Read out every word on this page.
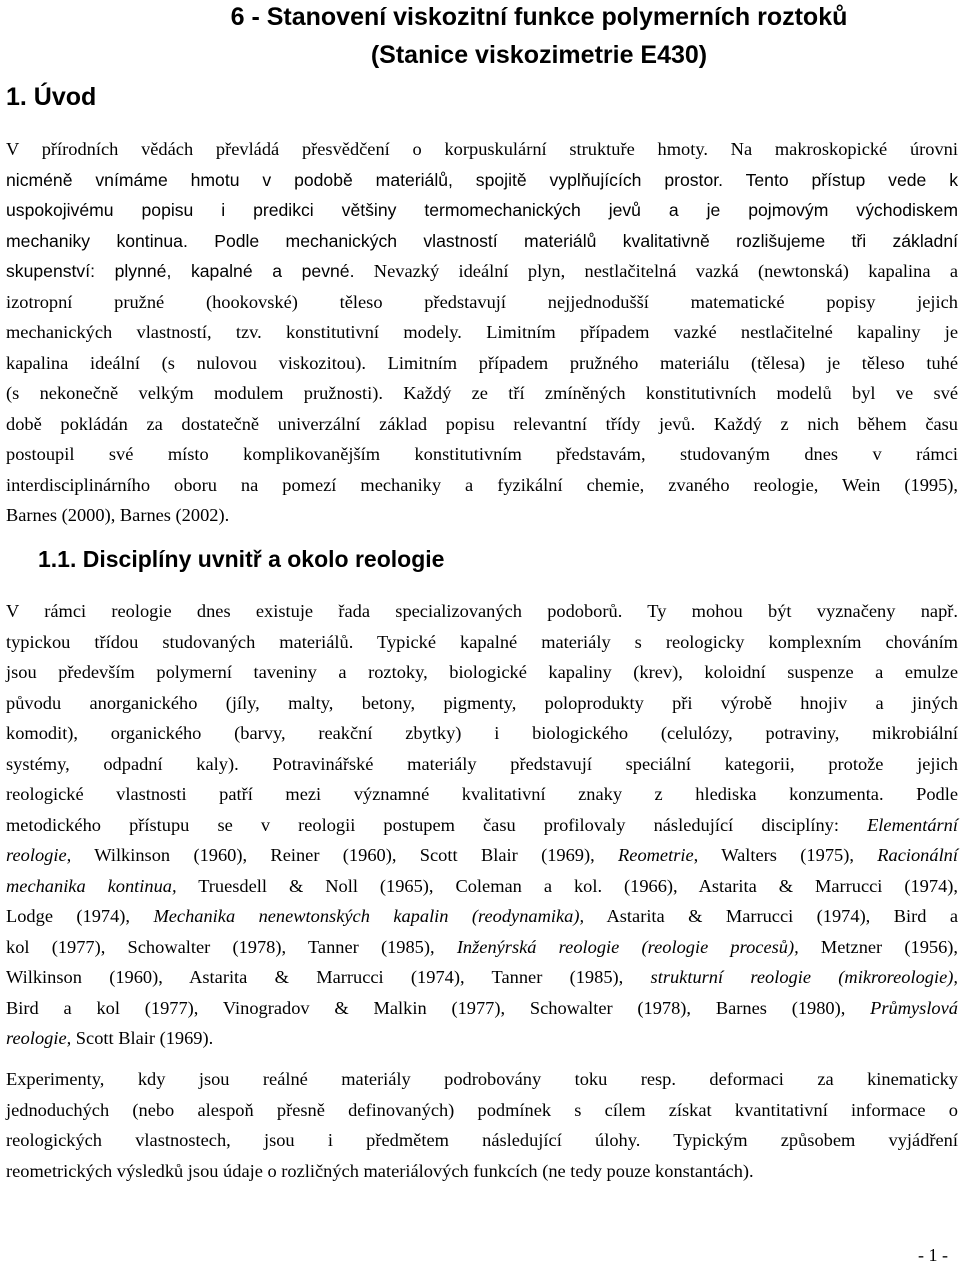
6 - Stanovení viskozitní funkce polymerních roztoků
(Stanice viskozimetrie E430)
1. Úvod

V přírodních vědách převládá přesvědčení o korpuskulární struktuře hmoty. Na makroskopické úrovni
nicméně vnímáme hmotu v podobě materiálů, spojitě vyplňujících prostor. Tento přístup vede k
uspokojivému popisu i predikci většiny termomechanických jevů a je pojmovým východiskem
mechaniky kontinua. Podle mechanických vlastností materiálů kvalitativně rozlišujeme tři základní
skupenství: plynné, kapalné a pevné. Nevazký ideální plyn, nestlačitelná vazká (newtonská) kapalina a
izotropní pružné (hookovské) těleso představují nejjednodušší matematické popisy jejich
mechanických vlastností, tzv. konstitutivní modely. Limitním případem vazké nestlačitelné kapaliny je
kapalina ideální (s nulovou viskozitou). Limitním případem pružného materiálu (tělesa) je těleso tuhé
(s nekonečně velkým modulem pružnosti). Každý ze tří zmíněných konstitutivních modelů byl ve své
době pokládán za dostatečně univerzální základ popisu relevantní třídy jevů. Každý z nich během času
postoupil své místo komplikovanějším konstitutivním představám, studovaným dnes v rámci
interdisciplinárního oboru na pomezí mechaniky a fyzikální chemie, zvaného reologie, Wein (1995),
Barnes (2000), Barnes (2002).

1.1. Disciplíny uvnitř a okolo reologie

V rámci reologie dnes existuje řada specializovaných podoborů. Ty mohou být vyznačeny např.
typickou třídou studovaných materiálů. Typické kapalné materiály s reologicky komplexním chováním
jsou především polymerní taveniny a roztoky, biologické kapaliny (krev), koloidní suspenze a emulze
původu anorganického (jíly, malty, betony, pigmenty, poloprodukty při výrobě hnojiv a jiných
komodit), organického (barvy, reakční zbytky) i biologického (celulózy, potraviny, mikrobiální
systémy, odpadní kaly). Potravinářské materiály představují speciální kategorii, protože jejich
reologické vlastnosti patří mezi významné kvalitativní znaky z hlediska konzumenta. Podle
metodického přístupu se v reologii postupem času profilovaly následující disciplíny: Elementární
reologie, Wilkinson (1960), Reiner (1960), Scott Blair (1969), Reometrie, Walters (1975), Racionální
mechanika kontinua, Truesdell & Noll (1965), Coleman a kol. (1966), Astarita & Marrucci (1974),
Lodge (1974), Mechanika nenewtonských kapalin (reodynamika), Astarita & Marrucci (1974), Bird a
kol (1977), Schowalter (1978), Tanner (1985), Inženýrská reologie (reologie procesů), Metzner (1956),
Wilkinson (1960), Astarita & Marrucci (1974), Tanner (1985), strukturní reologie (mikroreologie),
Bird a kol (1977), Vinogradov & Malkin (1977), Schowalter (1978), Barnes (1980), Průmyslová
reologie, Scott Blair (1969).

Experimenty, kdy jsou reálné materiály podrobovány toku resp. deformaci za kinematicky
jednoduchých (nebo alespoň přesně definovaných) podmínek s cílem získat kvantitativní informace o
reologických vlastnostech, jsou i předmětem následující úlohy. Typickým způsobem vyjádření
reometrických výsledků jsou údaje o rozličných materiálových funkcích (ne tedy pouze konstantách).

- 1 -
